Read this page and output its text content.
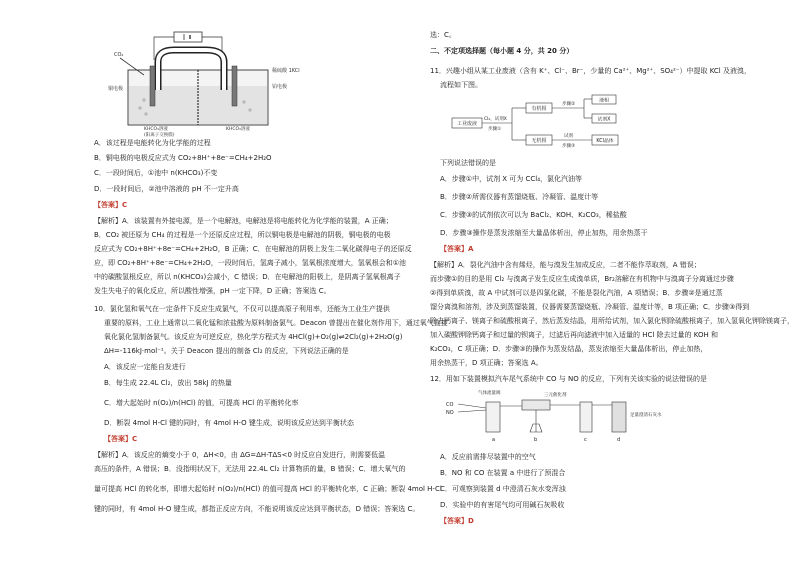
a b
CO₂
铜电极
稀硫酸 1KCl
铂电极
KHCO₃溶液
(阳离子交换膜)
KHCO₃溶液
A．该过程是电能转化为化学能的过程
B．铜电极的电极反应式为 CO₂+8H⁺+8e⁻=CH₄+2H₂O
C．一段时间后，①池中 n(KHCO₃)不变
D．一段时间后，②池中溶液的 pH 不一定升高
【答案】C
【解析】A．该装置有外接电源，是一个电解池，电解池是将电能转化为化学能的装置，A 正确；
B．CO₂ 被还原为 CH₄ 的过程是一个还原反应过程，所以铜电极是电解池的阴极，铜电极的电极
反应式为 CO₂+8H⁺+8e⁻=CH₄+2H₂O，B 正确；C．在电解池的阴极上发生二氧化碳得电子的还原反
应，即 CO₂+8H⁺+8e⁻=CH₄+2H₂O，一段时间后，氢离子减小，氢氧根浓度增大，氢氧根会和①池
中的碳酸氢根反应，所以 n(KHCO₃)会减小，C 错误；D．在电解池的阳极上，是阴离子氢氧根离子
发生失电子的氧化反应，所以酸性增强，pH 一定下降，D 正确；答案选 C。
10．氯化氢和氧气在一定条件下反应生成氯气，不仅可以提高原子利用率，还能为工业生产提供
重要的原料，工业上通常以二氧化锰和浓盐酸为原料制备氯气。Deacon 曾提出在催化剂作用下，通过氧气直接
氧化氯化氢制备氯气。该反应为可逆反应，热化学方程式为 4HCl(g)+O₂(g)⇌2Cl₂(g)+2H₂O(g)
ΔH=-116kJ·mol⁻¹。关于 Deacon 提出的制备 Cl₂ 的反应，下列说法正确的是
A．该反应一定能自发进行
B．每生成 22.4L Cl₂，放出 58kJ 的热量
C．增大起始时 n(O₂)/n(HCl) 的值，可提高 HCl 的平衡转化率
D．断裂 4mol H-Cl 键的同时，有 4mol H-O 键生成，说明该反应达到平衡状态
【答案】C
【解析】A．该反应的熵变小于 0，ΔH<0，由 ΔG=ΔH-TΔS<0 时反应自发进行，则需要低温
高压的条件，A 错误；B．没指明状况下，无法用 22.4L Cl₂ 计算物质的量，B 错误；C．增大氧气的
量可提高 HCl 的转化率，即增大起始时 n(O₂)/n(HCl) 的值可提高 HCl 的平衡转化率，C 正确；断裂 4mol H-Cl
键的同时，有 4mol H-O 键生成，都指正反应方向，不能说明该反应达到平衡状态，D 错误；答案选 C。
选：C。
二、不定项选择题（每小题 4 分，共 20 分）
11．兴趣小组从某工业废液（含有 K⁺、Cl⁻、Br⁻，少量的 Ca²⁺、Mg²⁺、SO₄²⁻）中提取 KCl 及液溴，
流程如下图。
工业废液
Cl₂，试剂X
步骤①
有机相
无机相
步骤②
液相
试剂X
试剂
步骤③
KCl晶体
下列说法错误的是
A．步骤①中，试剂 X 可为 CCl₄，氯化汽油等
B．步骤②所需仪器有蒸馏烧瓶、冷凝管、温度计等
C．步骤③的试剂依次可以为 BaCl₂、KOH、K₂CO₃，稀盐酸
D．步骤③操作是蒸发浓缩至大量晶体析出，停止加热，用余热蒸干
【答案】A
【解析】A．裂化汽油中含有烯烃，能与溴发生加成反应，二者不能作萃取剂，A 错误；
而步骤①的目的是用 Cl₂ 与溴离子发生反应生成溴单质，Br₂溶解在有机物中与溴离子分离通过步骤
②得到单质溴，故 A 中试剂可以是四氯化碳，不能是裂化汽油，A 项错误；B．步骤②是通过蒸
馏分离溴和溶剂，涉及到蒸馏装置，仪器需要蒸馏烧瓶、冷凝管、温度计等，B 项正确；C．步骤③得到
除去钙离子、镁离子和硫酸根离子，然后蒸发结晶，用所给试剂，加入氯化钡除硫酸根离子，加入氢氧化钾除镁离子，
加入碳酸钾除钙离子和过量的钡离子，过滤后再向滤液中加入适量的 HCl 除去过量的 KOH 和
K₂CO₃，C 项正确；D．步骤③的操作为蒸发结晶，蒸发浓缩至大量晶体析出，停止加热，
用余热蒸干，D 项正确；答案选 A。
12．用如下装置模拟汽车尾气系统中 CO 与 NO 的反应，下列有关该实验的说法错误的是
CO
NO
气体流量阀
a	b
三元催化剂
c	d
足量澄清石灰水
A．反应前需排尽装置中的空气
B．NO 和 CO 在装置 a 中进行了预混合
C．可观察到装置 d 中澄清石灰水变浑浊
D．实验中的有害尾气均可用碱石灰吸收
【答案】D
